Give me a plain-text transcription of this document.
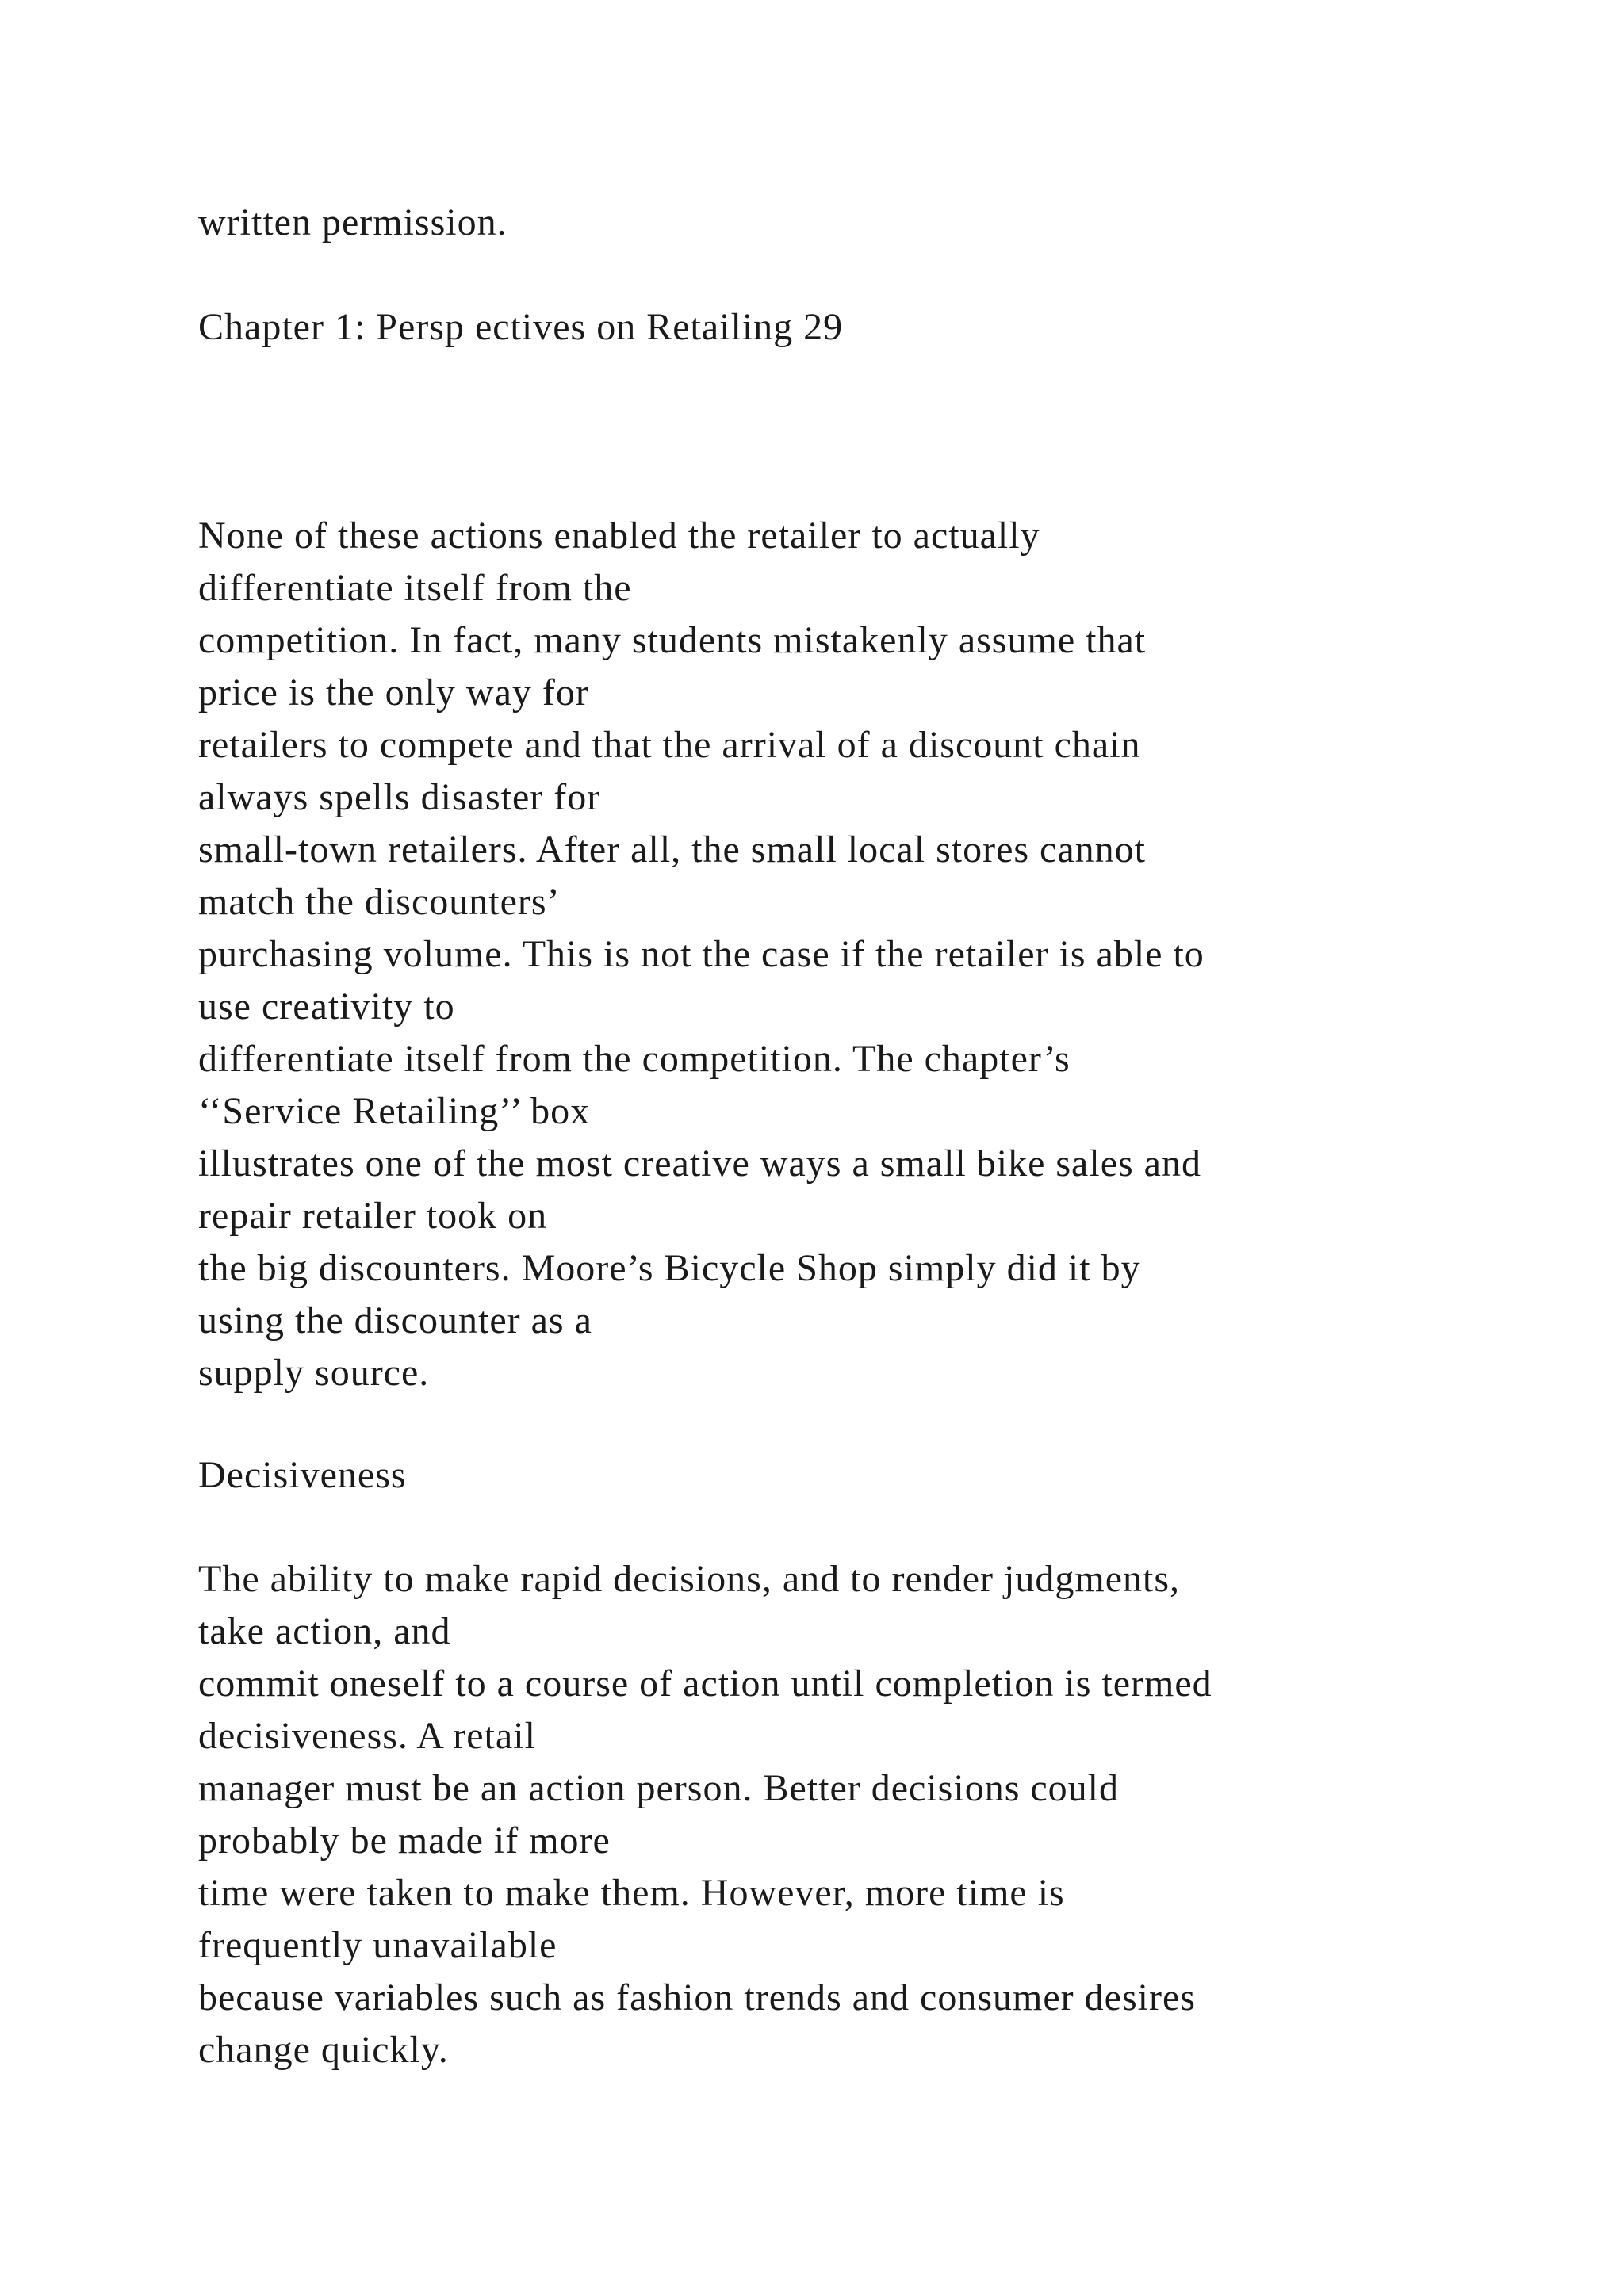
written permission.
Chapter 1: Persp ectives on Retailing 29
None of these actions enabled the retailer to actually
differentiate itself from the
competition. In fact, many students mistakenly assume that
price is the only way for
retailers to compete and that the arrival of a discount chain
always spells disaster for
small-town retailers. After all, the small local stores cannot
match the discounters’
purchasing volume. This is not the case if the retailer is able to
use creativity to
differentiate itself from the competition. The chapter’s
‘‘Service Retailing’’ box
illustrates one of the most creative ways a small bike sales and
repair retailer took on
the big discounters. Moore’s Bicycle Shop simply did it by
using the discounter as a
supply source.
Decisiveness
The ability to make rapid decisions, and to render judgments,
take action, and
commit oneself to a course of action until completion is termed
decisiveness. A retail
manager must be an action person. Better decisions could
probably be made if more
time were taken to make them. However, more time is
frequently unavailable
because variables such as fashion trends and consumer desires
change quickly.
